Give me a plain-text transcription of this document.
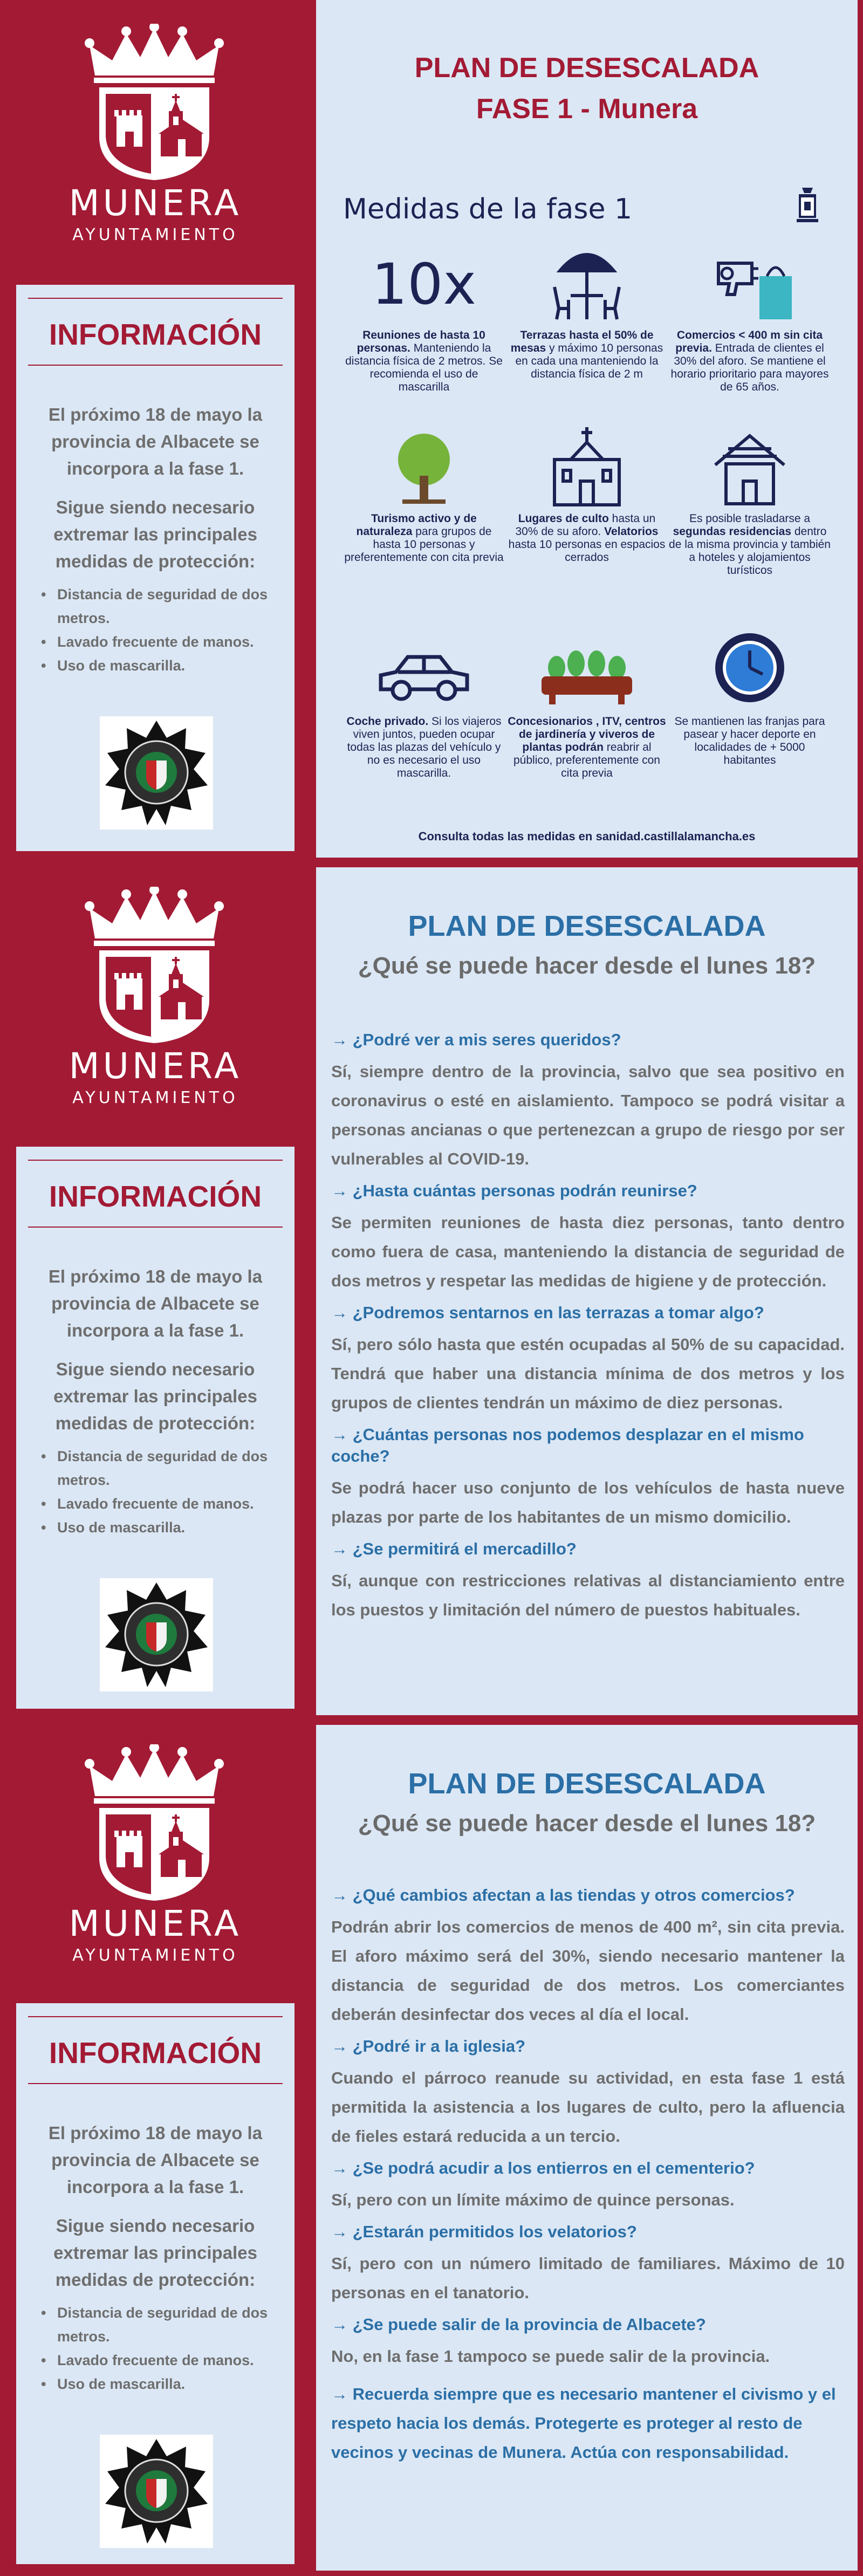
MUNERA
AYUNTAMIENTO
INFORMACIÓN
El próximo 18 de mayo la provincia de Albacete se incorpora a la fase 1.
Sigue siendo necesario extremar las principales medidas de protección:
• Distancia de seguridad de dos metros.
• Lavado frecuente de manos.
• Uso de mascarilla.
PLAN DE DESESCALADA
FASE 1 - Munera
Medidas de la fase 1
10x
Reuniones de hasta 10 personas. Manteniendo la distancia física de 2 metros. Se recomienda el uso de mascarilla
Terrazas hasta el 50% de mesas y máximo 10 personas en cada una manteniendo la distancia física de 2 m
Comercios < 400 m sin cita previa. Entrada de clientes el 30% del aforo. Se mantiene el horario prioritario para mayores de 65 años.
Turismo activo y de naturaleza para grupos de hasta 10 personas y preferentemente con cita previa
Lugares de culto hasta un 30% de su aforo. Velatorios hasta 10 personas en espacios cerrados
Es posible trasladarse a segundas residencias dentro de la misma provincia y también a hoteles y alojamientos turísticos
Coche privado. Si los viajeros viven juntos, pueden ocupar todas las plazas del vehículo y no es necesario el uso mascarilla.
Concesionarios , ITV, centros de jardinería y viveros de plantas podrán reabrir al público, preferentemente con cita previa
Se mantienen las franjas para pasear y hacer deporte en localidades de + 5000 habitantes
Consulta todas las medidas en sanidad.castillalamancha.es
MUNERA
AYUNTAMIENTO
INFORMACIÓN
El próximo 18 de mayo la provincia de Albacete se incorpora a la fase 1.
Sigue siendo necesario extremar las principales medidas de protección:
• Distancia de seguridad de dos metros.
• Lavado frecuente de manos.
• Uso de mascarilla.
PLAN DE DESESCALADA
¿Qué se puede hacer desde el lunes 18?
→ ¿Podré ver a mis seres queridos?
Sí, siempre dentro de la provincia, salvo que sea positivo en coronavirus o esté en aislamiento. Tampoco se podrá visitar a personas ancianas o que pertenezcan a grupo de riesgo por ser vulnerables al COVID-19.
→ ¿Hasta cuántas personas podrán reunirse?
Se permiten reuniones de hasta diez personas, tanto dentro como fuera de casa, manteniendo la distancia de seguridad de dos metros y respetar las medidas de higiene y de protección.
→ ¿Podremos sentarnos en las terrazas a tomar algo?
Sí, pero sólo hasta que estén ocupadas al 50% de su capacidad. Tendrá que haber una distancia mínima de dos metros y los grupos de clientes tendrán un máximo de diez personas.
→ ¿Cuántas personas nos podemos desplazar en el mismo coche?
Se podrá hacer uso conjunto de los vehículos de hasta nueve plazas por parte de los habitantes de un mismo domicilio.
→ ¿Se permitirá el mercadillo?
Sí, aunque con restricciones relativas al distanciamiento entre los puestos y limitación del número de puestos habituales.
MUNERA
AYUNTAMIENTO
INFORMACIÓN
El próximo 18 de mayo la provincia de Albacete se incorpora a la fase 1.
Sigue siendo necesario extremar las principales medidas de protección:
• Distancia de seguridad de dos metros.
• Lavado frecuente de manos.
• Uso de mascarilla.
PLAN DE DESESCALADA
¿Qué se puede hacer desde el lunes 18?
→ ¿Qué cambios afectan a las tiendas y otros comercios?
Podrán abrir los comercios de menos de 400 m², sin cita previa. El aforo máximo será del 30%, siendo necesario mantener la distancia de seguridad de dos metros. Los comerciantes deberán desinfectar dos veces al día el local.
→ ¿Podré ir a la iglesia?
Cuando el párroco reanude su actividad, en esta fase 1 está permitida la asistencia a los lugares de culto, pero la afluencia de fieles estará reducida a un tercio.
→ ¿Se podrá acudir a los entierros en el cementerio?
Sí, pero con un límite máximo de quince personas.
→ ¿Estarán permitidos los velatorios?
Sí, pero con un número limitado de familiares. Máximo de 10 personas en el tanatorio.
→ ¿Se puede salir de la provincia de Albacete?
No, en la fase 1 tampoco se puede salir de la provincia.
→ Recuerda siempre que es necesario mantener el civismo y el respeto hacia los demás. Protegerte es proteger al resto de vecinos y vecinas de Munera. Actúa con responsabilidad.
